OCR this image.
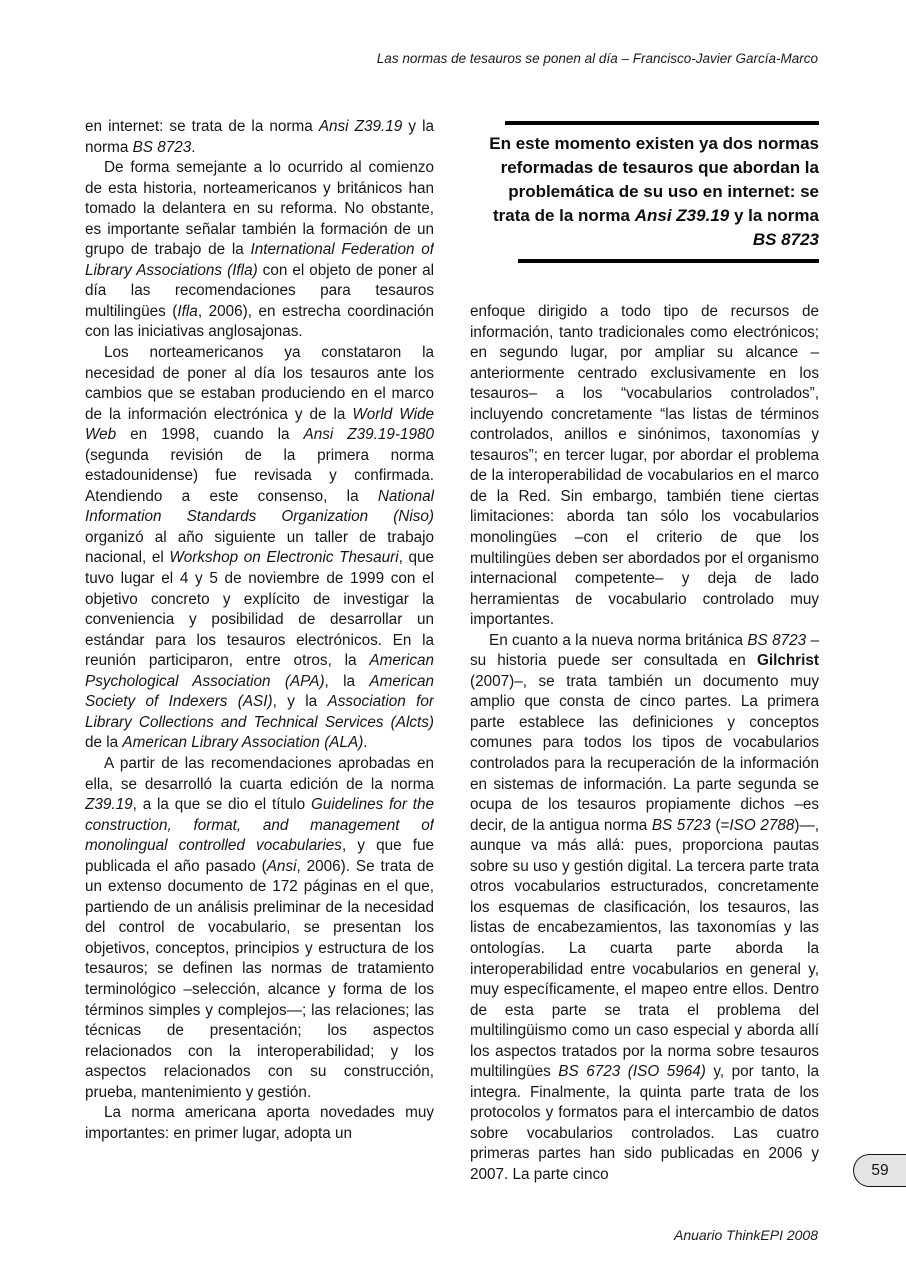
Las normas de tesauros se ponen al día – Francisco-Javier García-Marco

en internet: se trata de la norma Ansi Z39.19 y la norma BS 8723.

De forma semejante a lo ocurrido al comienzo de esta historia, norteamericanos y británicos han tomado la delantera en su reforma. No obstante, es importante señalar también la formación de un grupo de trabajo de la International Federation of Library Associations (Ifla) con el objeto de poner al día las recomendaciones para tesauros multilingües (Ifla, 2006), en estrecha coordinación con las iniciativas anglosajonas.

Los norteamericanos ya constataron la necesidad de poner al día los tesauros ante los cambios que se estaban produciendo en el marco de la información electrónica y de la World Wide Web en 1998, cuando la Ansi Z39.19-1980 (segunda revisión de la primera norma estadounidense) fue revisada y confirmada. Atendiendo a este consenso, la National Information Standards Organization (Niso) organizó al año siguiente un taller de trabajo nacional, el Workshop on Electronic Thesauri, que tuvo lugar el 4 y 5 de noviembre de 1999 con el objetivo concreto y explícito de investigar la conveniencia y posibilidad de desarrollar un estándar para los tesauros electrónicos. En la reunión participaron, entre otros, la American Psychological Association (APA), la American Society of Indexers (ASI), y la Association for Library Collections and Technical Services (Alcts) de la American Library Association (ALA).

A partir de las recomendaciones aprobadas en ella, se desarrolló la cuarta edición de la norma Z39.19, a la que se dio el título Guidelines for the construction, format, and management of monolingual controlled vocabularies, y que fue publicada el año pasado (Ansi, 2006). Se trata de un extenso documento de 172 páginas en el que, partiendo de un análisis preliminar de la necesidad del control de vocabulario, se presentan los objetivos, conceptos, principios y estructura de los tesauros; se definen las normas de tratamiento terminológico –selección, alcance y forma de los términos simples y complejos—; las relaciones; las técnicas de presentación; los aspectos relacionados con la interoperabilidad; y los aspectos relacionados con su construcción, prueba, mantenimiento y gestión.

La norma americana aporta novedades muy importantes: en primer lugar, adopta un

En este momento existen ya dos normas reformadas de tesauros que abordan la problemática de su uso en internet: se trata de la norma Ansi Z39.19 y la norma BS 8723

enfoque dirigido a todo tipo de recursos de información, tanto tradicionales como electrónicos; en segundo lugar, por ampliar su alcance –anteriormente centrado exclusivamente en los tesauros– a los “vocabularios controlados”, incluyendo concretamente “las listas de términos controlados, anillos e sinónimos, taxonomías y tesauros”; en tercer lugar, por abordar el problema de la interoperabilidad de vocabularios en el marco de la Red. Sin embargo, también tiene ciertas limitaciones: aborda tan sólo los vocabularios monolingües –con el criterio de que los multilingües deben ser abordados por el organismo internacional competente– y deja de lado herramientas de vocabulario controlado muy importantes.

En cuanto a la nueva norma británica BS 8723 –su historia puede ser consultada en Gilchrist (2007)–, se trata también un documento muy amplio que consta de cinco partes. La primera parte establece las definiciones y conceptos comunes para todos los tipos de vocabularios controlados para la recuperación de la información en sistemas de información. La parte segunda se ocupa de los tesauros propiamente dichos –es decir, de la antigua norma BS 5723 (=ISO 2788)—, aunque va más allá: pues, proporciona pautas sobre su uso y gestión digital. La tercera parte trata otros vocabularios estructurados, concretamente los esquemas de clasificación, los tesauros, las listas de encabezamientos, las taxonomías y las ontologías. La cuarta parte aborda la interoperabilidad entre vocabularios en general y, muy específicamente, el mapeo entre ellos. Dentro de esta parte se trata el problema del multilingüismo como un caso especial y aborda allí los aspectos tratados por la norma sobre tesauros multilingües BS 6723 (ISO 5964) y, por tanto, la integra. Finalmente, la quinta parte trata de los protocolos y formatos para el intercambio de datos sobre vocabularios controlados. Las cuatro primeras partes han sido publicadas en 2006 y 2007. La parte cinco	59
Anuario ThinkEPI 2008
